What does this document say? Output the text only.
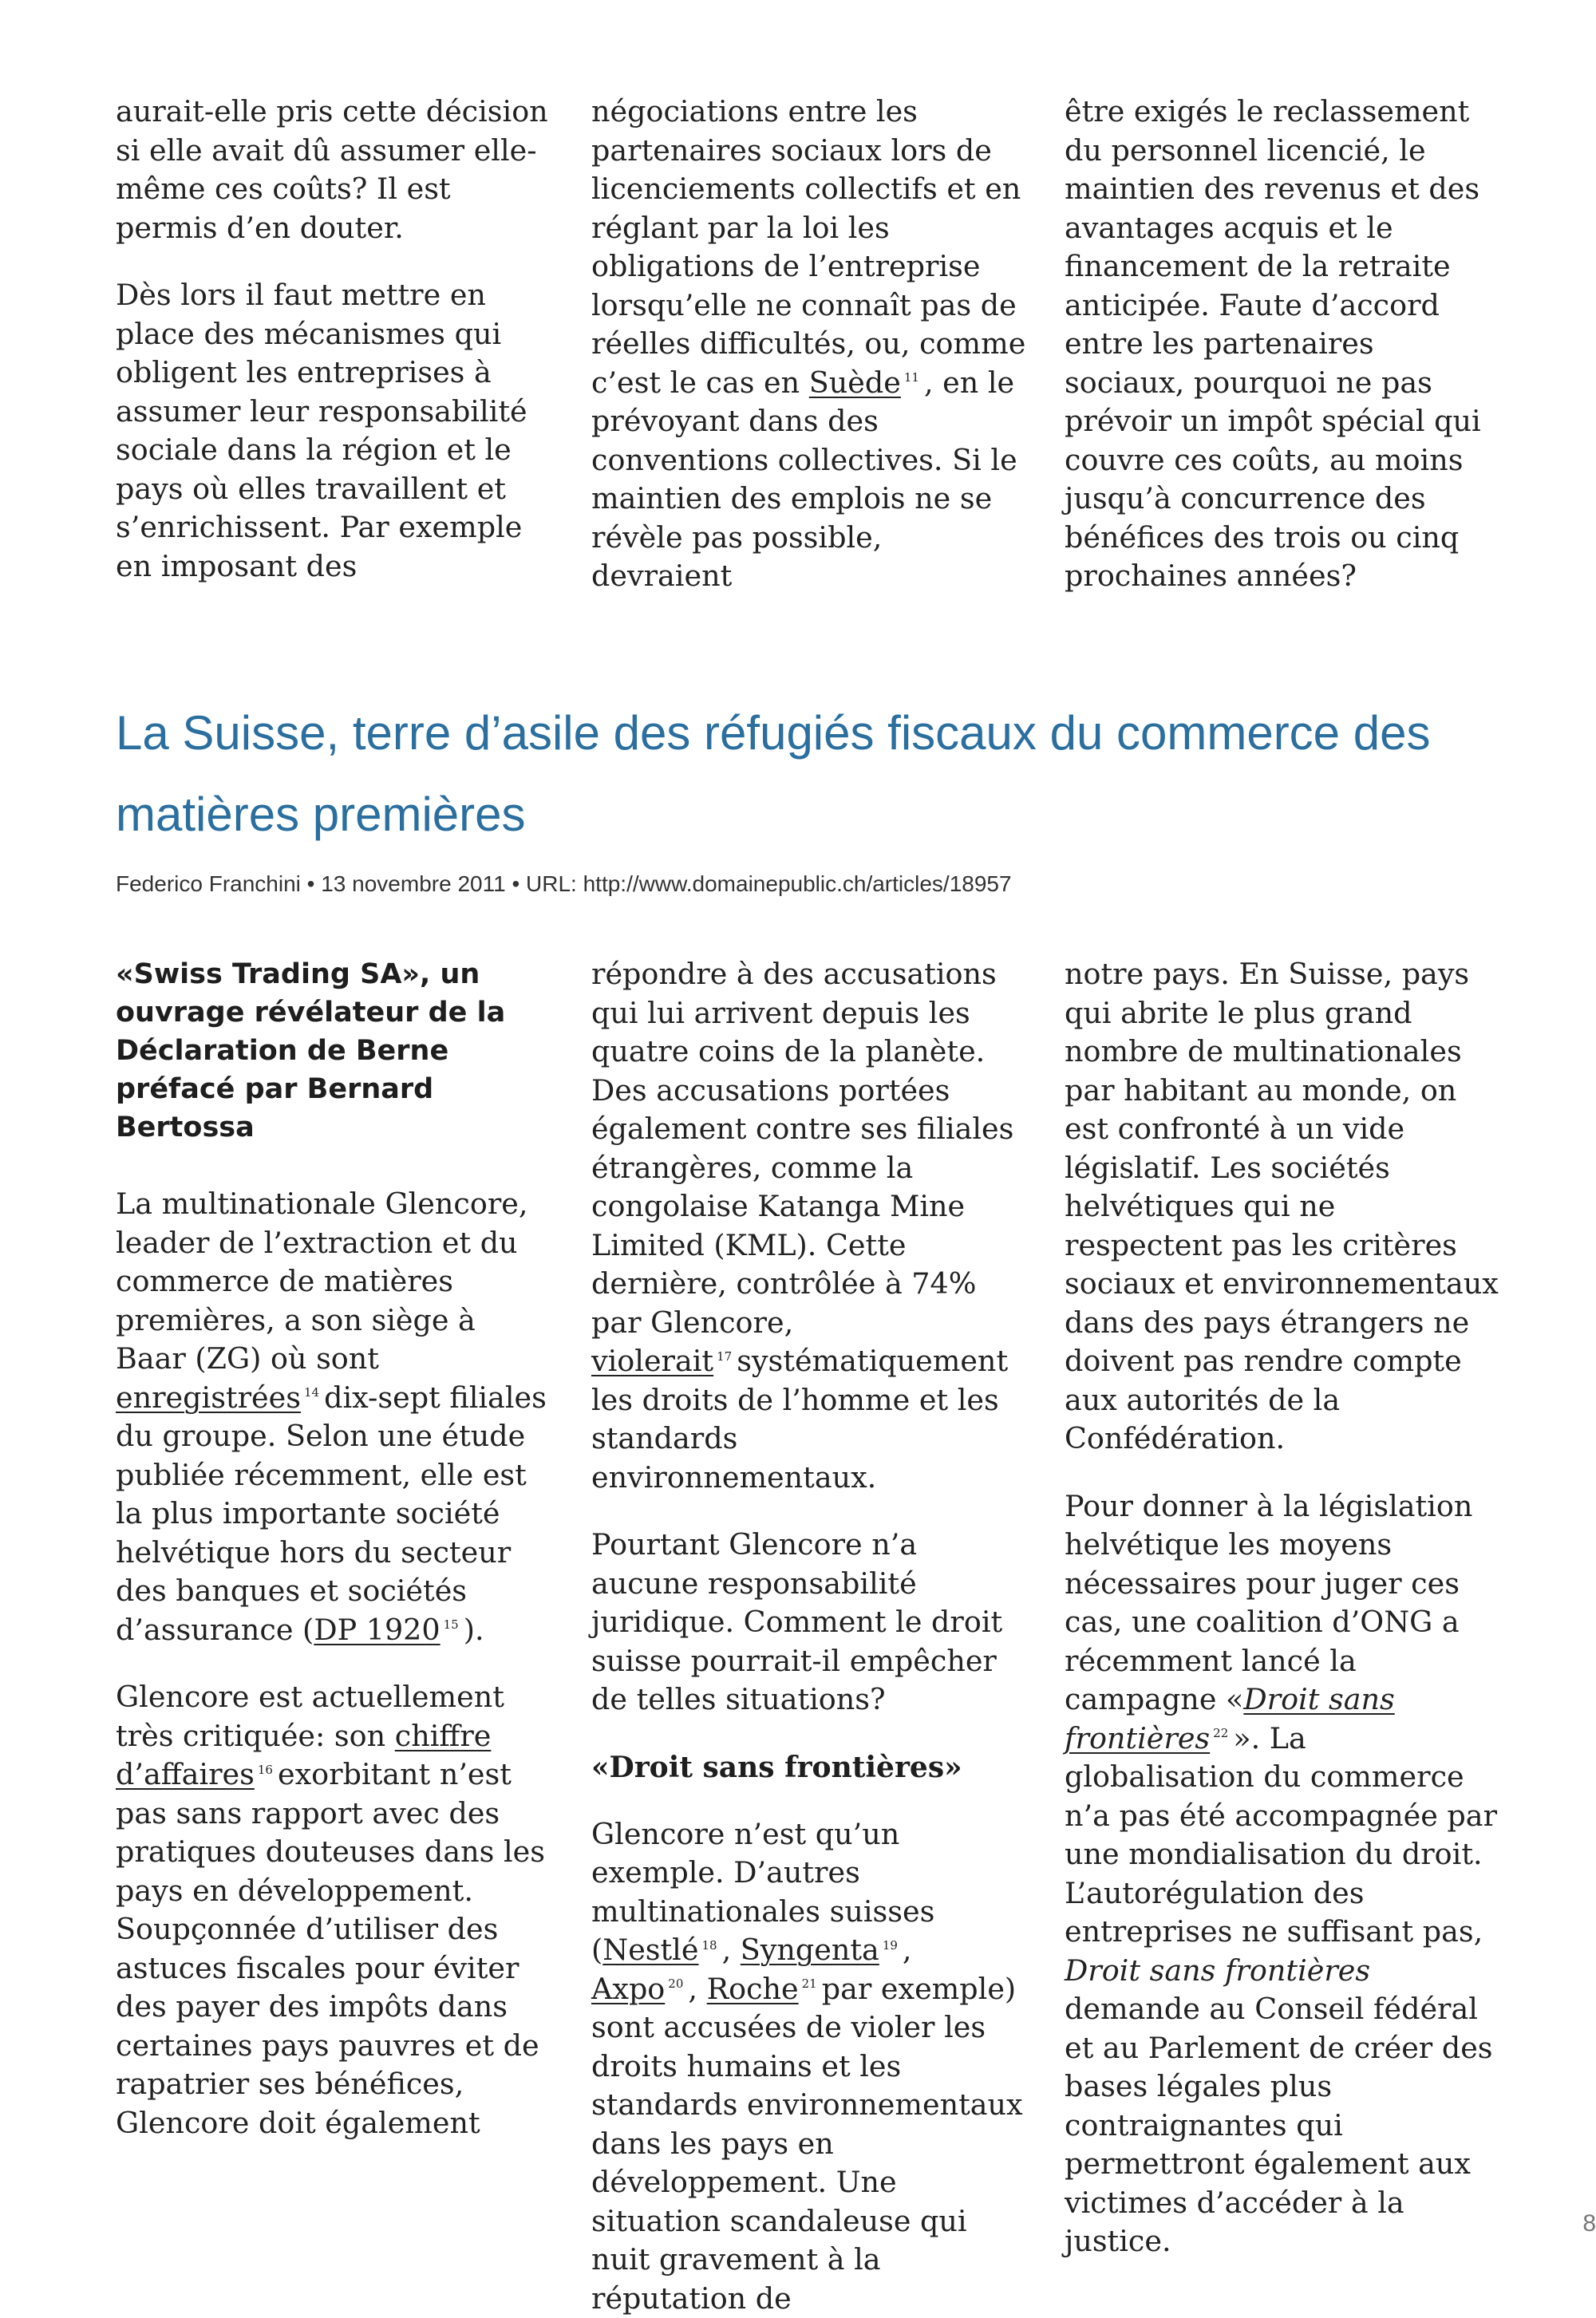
aurait-elle pris cette décision si elle avait dû assumer elle-même ces coûts? Il est permis d’en douter.

Dès lors il faut mettre en place des mécanismes qui obligent les entreprises à assumer leur responsabilité sociale dans la région et le pays où elles travaillent et s’enrichissent. Par exemple en imposant des

négociations entre les partenaires sociaux lors de licenciements collectifs et en réglant par la loi les obligations de l’entreprise lorsqu’elle ne connaît pas de réelles difficultés, ou, comme c’est le cas en Suède $^{11}$ , en le prévoyant dans des conventions collectives. Si le maintien des emplois ne se révèle pas possible, devraient

être exigés le reclassement du personnel licencié, le maintien des revenus et des avantages acquis et le financement de la retraite anticipée. Faute d’accord entre les partenaires sociaux, pourquoi ne pas prévoir un impôt spécial qui couvre ces coûts, au moins jusqu’à concurrence des bénéfices des trois ou cinq prochaines années?

La Suisse, terre d’asile des réfugiés fiscaux du commerce des matières premières
Federico Franchini • 13 novembre 2011 • URL: http://www.domainepublic.ch/articles/18957

«Swiss Trading SA», un ouvrage révélateur de la Déclaration de Berne préfacé par Bernard Bertossa

La multinationale Glencore, leader de l’extraction et du commerce de matières premières, a son siège à Baar (ZG) où sont enregistrées $^{14}$ dix-sept filiales du groupe. Selon une étude publiée récemment, elle est la plus importante société helvétique hors du secteur des banques et sociétés d’assurance (DP 1920 $^{15}$ ).

Glencore est actuellement très critiquée: son chiffre d’affaires $^{16}$ exorbitant n’est pas sans rapport avec des pratiques douteuses dans les pays en développement. Soupçonnée d’utiliser des astuces fiscales pour éviter des payer des impôts dans certaines pays pauvres et de rapatrier ses bénéfices, Glencore doit également

répondre à des accusations qui lui arrivent depuis les quatre coins de la planète. Des accusations portées également contre ses filiales étrangères, comme la congolaise Katanga Mine Limited (KML). Cette dernière, contrôlée à 74% par Glencore, violerait $^{17}$ systématiquement les droits de l’homme et les standards environnementaux.

Pourtant Glencore n’a aucune responsabilité juridique. Comment le droit suisse pourrait-il empêcher de telles situations?

«Droit sans frontières»

Glencore n’est qu’un exemple. D’autres multinationales suisses (Nestlé $^{18}$ , Syngenta $^{19}$ , Axpo $^{20}$ , Roche $^{21}$ par exemple) sont accusées de violer les droits humains et les standards environnementaux dans les pays en développement. Une situation scandaleuse qui nuit gravement à la réputation de

notre pays. En Suisse, pays qui abrite le plus grand nombre de multinationales par habitant au monde, on est confronté à un vide législatif. Les sociétés helvétiques qui ne respectent pas les critères sociaux et environnementaux dans des pays étrangers ne doivent pas rendre compte aux autorités de la Confédération.

Pour donner à la législation helvétique les moyens nécessaires pour juger ces cas, une coalition d’ONG a récemment lancé la campagne «Droit sans frontières $^{22}$ ». La globalisation du commerce n’a pas été accompagnée par une mondialisation du droit. L’autorégulation des entreprises ne suffisant pas, Droit sans frontières demande au Conseil fédéral et au Parlement de créer des bases légales plus contraignantes qui permettront également aux victimes d’accéder à la justice.

8
